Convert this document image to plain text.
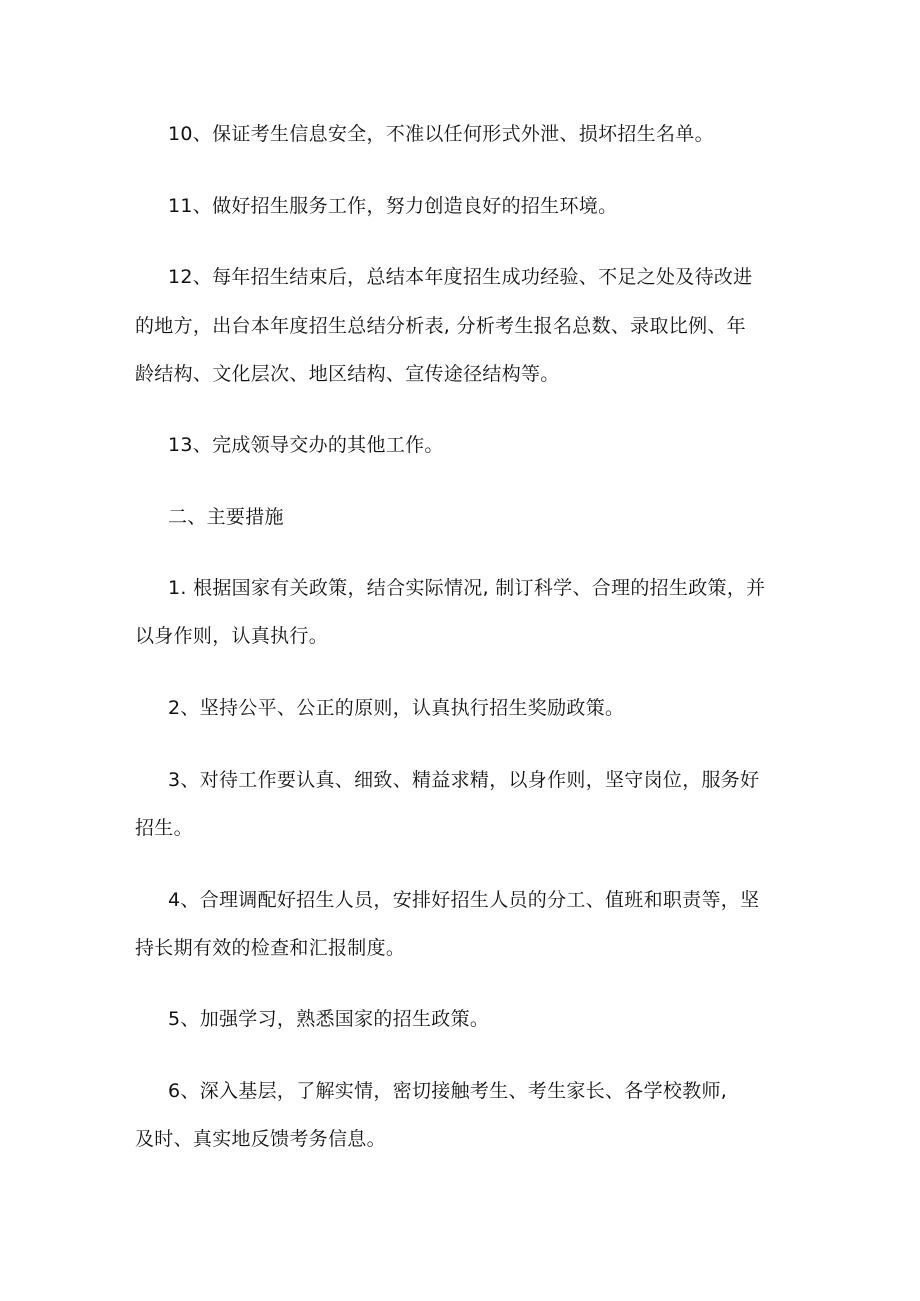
10、保证考生信息安全，不准以任何形式外泄、损坏招生名单。

11、做好招生服务工作，努力创造良好的招生环境。

12、每年招生结束后，总结本年度招生成功经验、不足之处及待改进

的地方，出台本年度招生总结分析表, 分析考生报名总数、录取比例、年

龄结构、文化层次、地区结构、宣传途径结构等。

13、完成领导交办的其他工作。

二、主要措施

1. 根据国家有关政策，结合实际情况, 制订科学、合理的招生政策，并

以身作则，认真执行。

2、坚持公平、公正的原则，认真执行招生奖励政策。

3、对待工作要认真、细致、精益求精，以身作则，坚守岗位，服务好

招生。

4、合理调配好招生人员，安排好招生人员的分工、值班和职责等，坚

持长期有效的检查和汇报制度。

5、加强学习，熟悉国家的招生政策。

6、深入基层，了解实情，密切接触考生、考生家长、各学校教师,

及时、真实地反馈考务信息。
